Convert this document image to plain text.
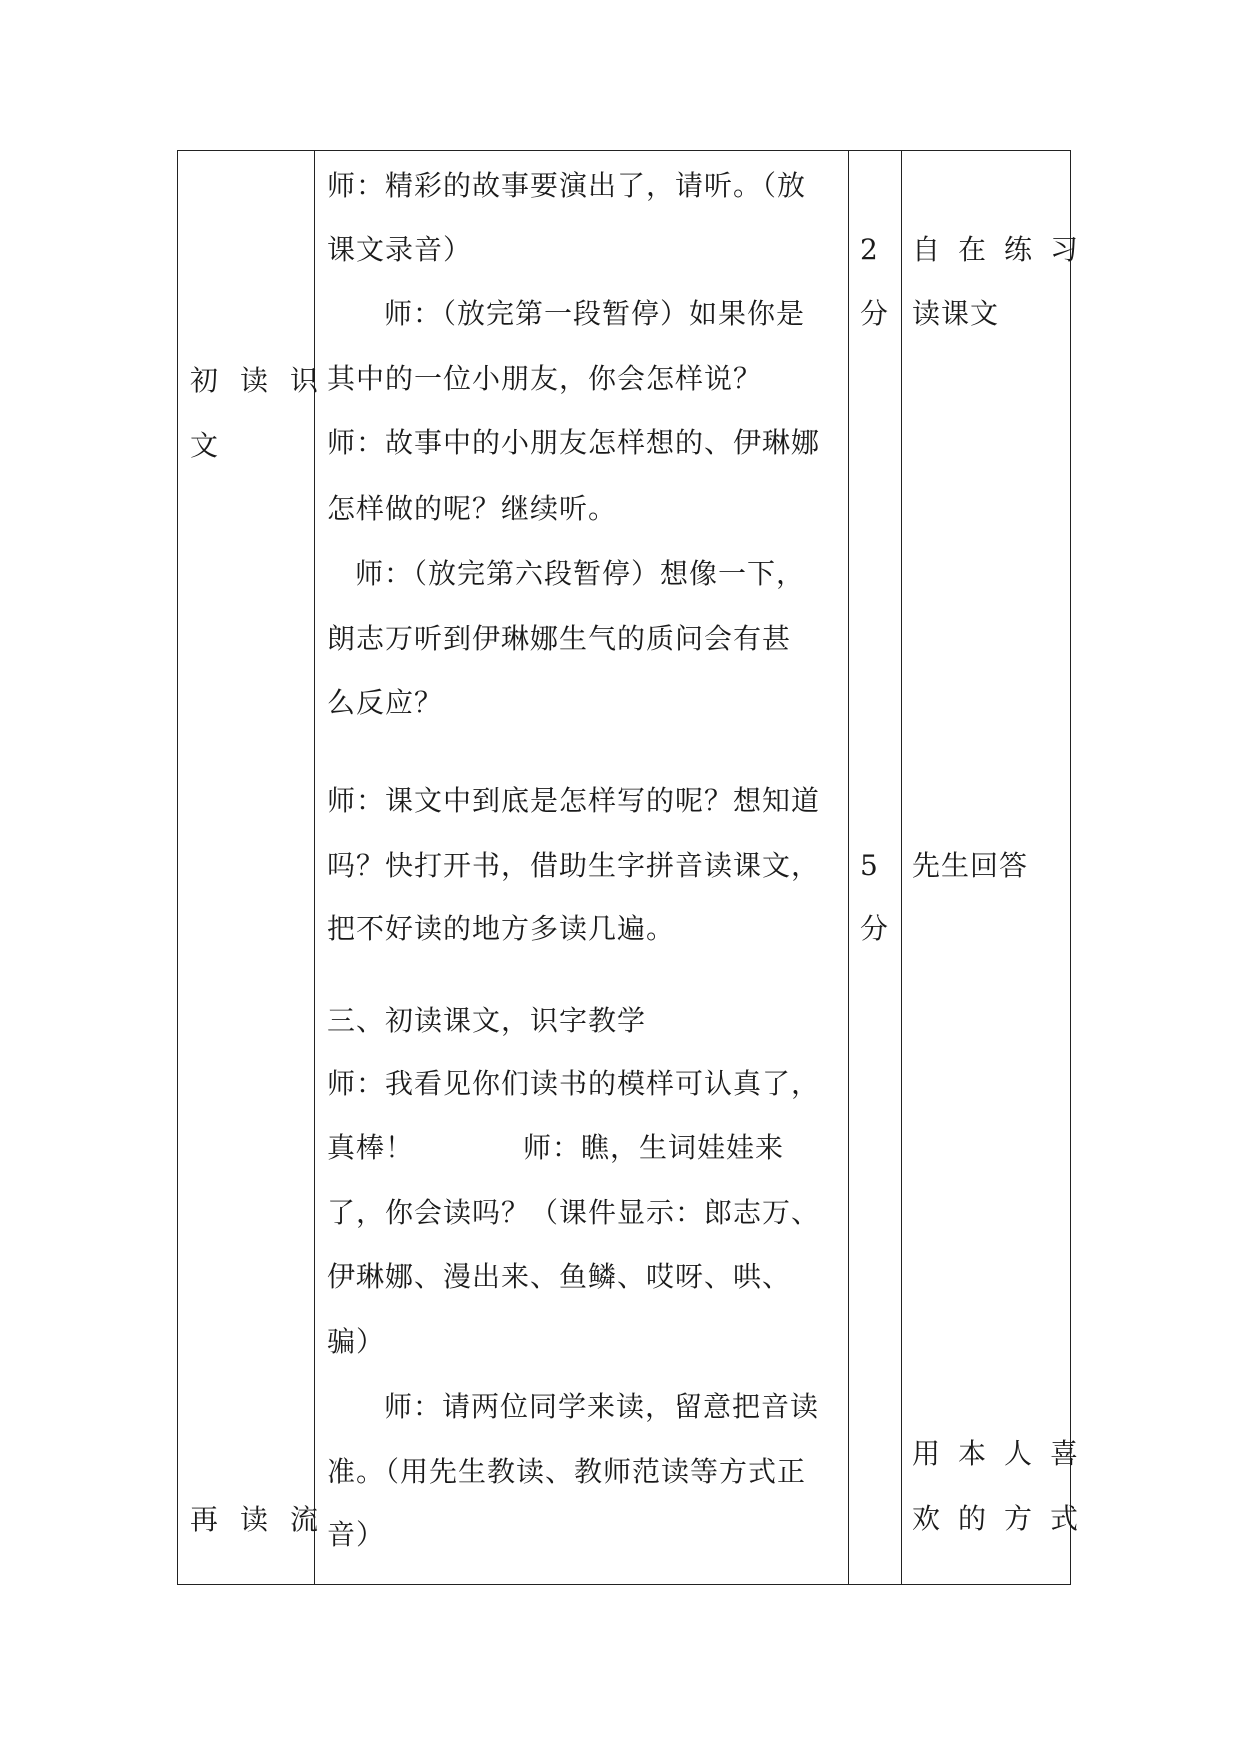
初读识
文
再读流
师：精彩的故事要演出了，请听。（放
课文录音）
师：（放完第一段暂停）如果你是
其中的一位小朋友，你会怎样说？
师：故事中的小朋友怎样想的、伊琳娜
怎样做的呢？继续听。
师：（放完第六段暂停）想像一下，
朗志万听到伊琳娜生气的质问会有甚
么反应？
师：课文中到底是怎样写的呢？想知道
吗？快打开书，借助生字拼音读课文，
把不好读的地方多读几遍。
三、初读课文，识字教学
师：我看见你们读书的模样可认真了，
真棒！	师：瞧，生词娃娃来
了，你会读吗？（课件显示：郎志万、
伊琳娜、漫出来、鱼鳞、哎呀、哄、
骗）
师：请两位同学来读，留意把音读
准。（用先生教读、教师范读等方式正
音）
2
分
5
分
自在练习
读课文
先生回答
用本人喜
欢的方式
